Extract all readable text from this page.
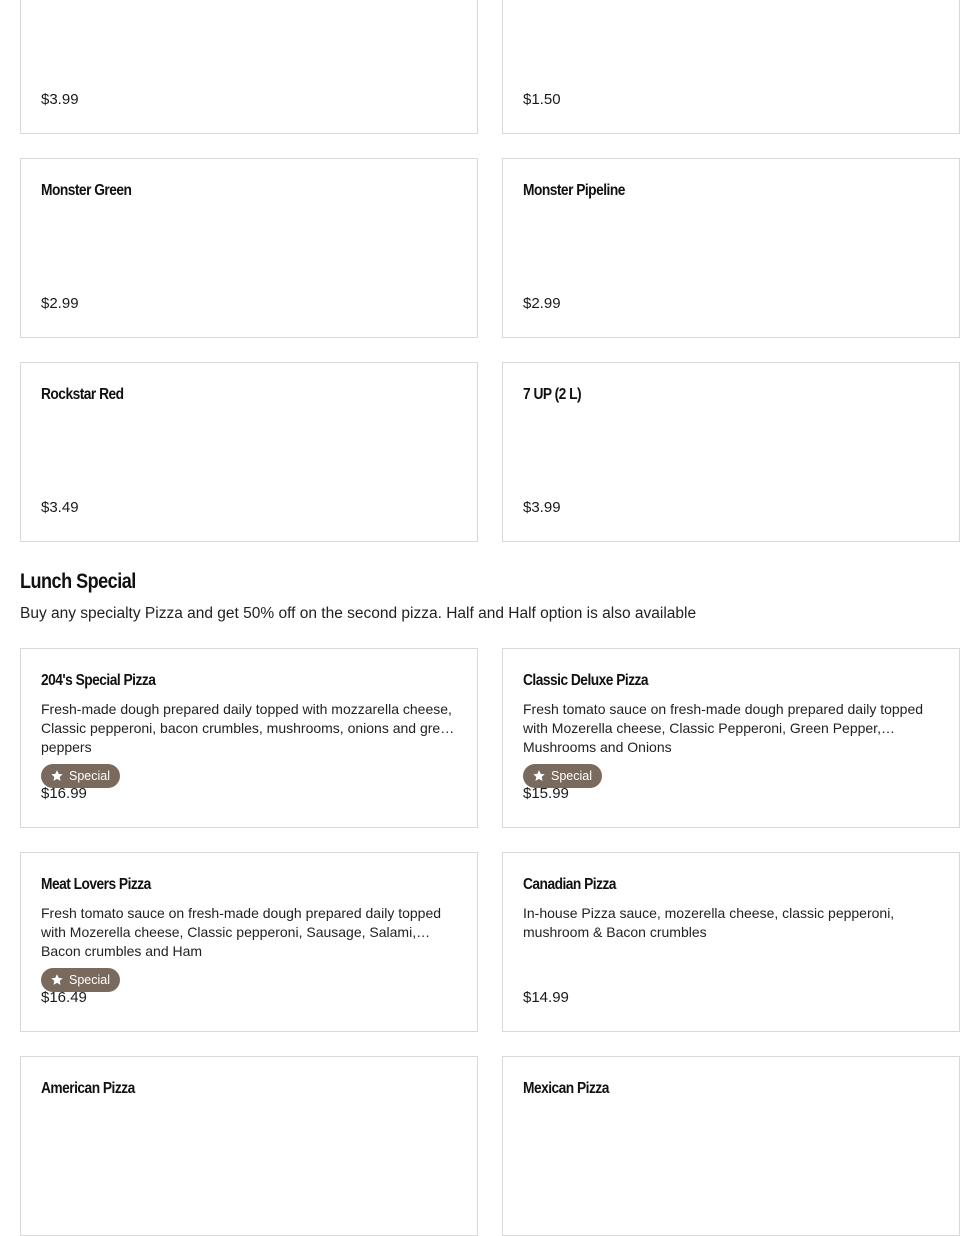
$3.99	$1.50
Monster Green
$2.99
Monster Pipeline
$2.99
Rockstar Red
$3.49
7 UP (2 L)
$3.99
Lunch Special
Buy any specialty Pizza and get 50% off on the second pizza. Half and Half option is also available
204's Special Pizza
Fresh-made dough prepared daily topped with mozzarella cheese, Classic pepperoni, bacon crumbles, mushrooms, onions and green peppers
Special
$16.99
Classic Deluxe Pizza
Fresh tomato sauce on fresh-made dough prepared daily topped with Mozerella cheese, Classic Pepperoni, Green Pepper, Mushrooms and Onions
Special
$15.99
Meat Lovers Pizza
Fresh tomato sauce on fresh-made dough prepared daily topped with Mozerella cheese, Classic pepperoni, Sausage, Salami, Bacon crumbles and Ham
Special
$16.49
Canadian Pizza
In-house Pizza sauce, mozerella cheese, classic pepperoni, mushroom & Bacon crumbles
$14.99
American Pizza	Mexican Pizza
